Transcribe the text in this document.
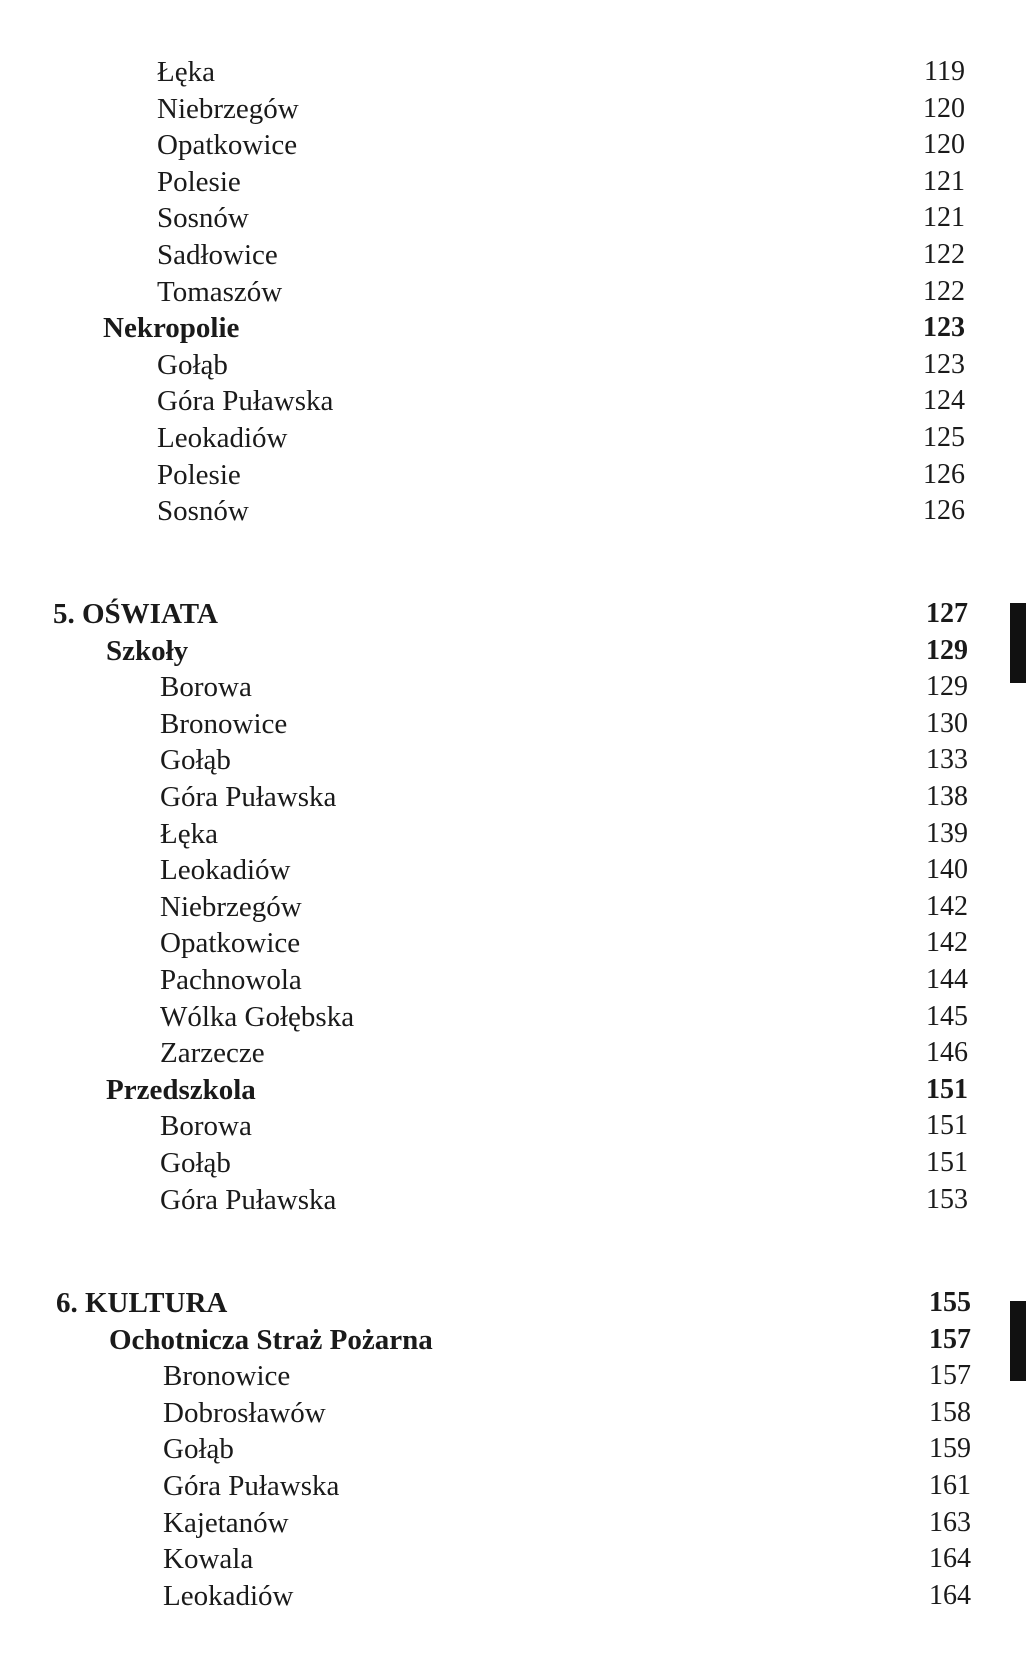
Łęka	119
Niebrzegów	120
Opatkowice	120
Polesie	121
Sosnów	121
Sadłowice	122
Tomaszów	122
Nekropolie	123
Gołąb	123
Góra Puławska	124
Leokadiów	125
Polesie	126
Sosnów	126
5. OŚWIATA	127
Szkoły	129
Borowa	129
Bronowice	130
Gołąb	133
Góra Puławska	138
Łęka	139
Leokadiów	140
Niebrzegów	142
Opatkowice	142
Pachnowola	144
Wólka Gołębska	145
Zarzecze	146
Przedszkola	151
Borowa	151
Gołąb	151
Góra Puławska	153
6. KULTURA	155
Ochotnicza Straż Pożarna	157
Bronowice	157
Dobrosławów	158
Gołąb	159
Góra Puławska	161
Kajetanów	163
Kowala	164
Leokadiów	164
